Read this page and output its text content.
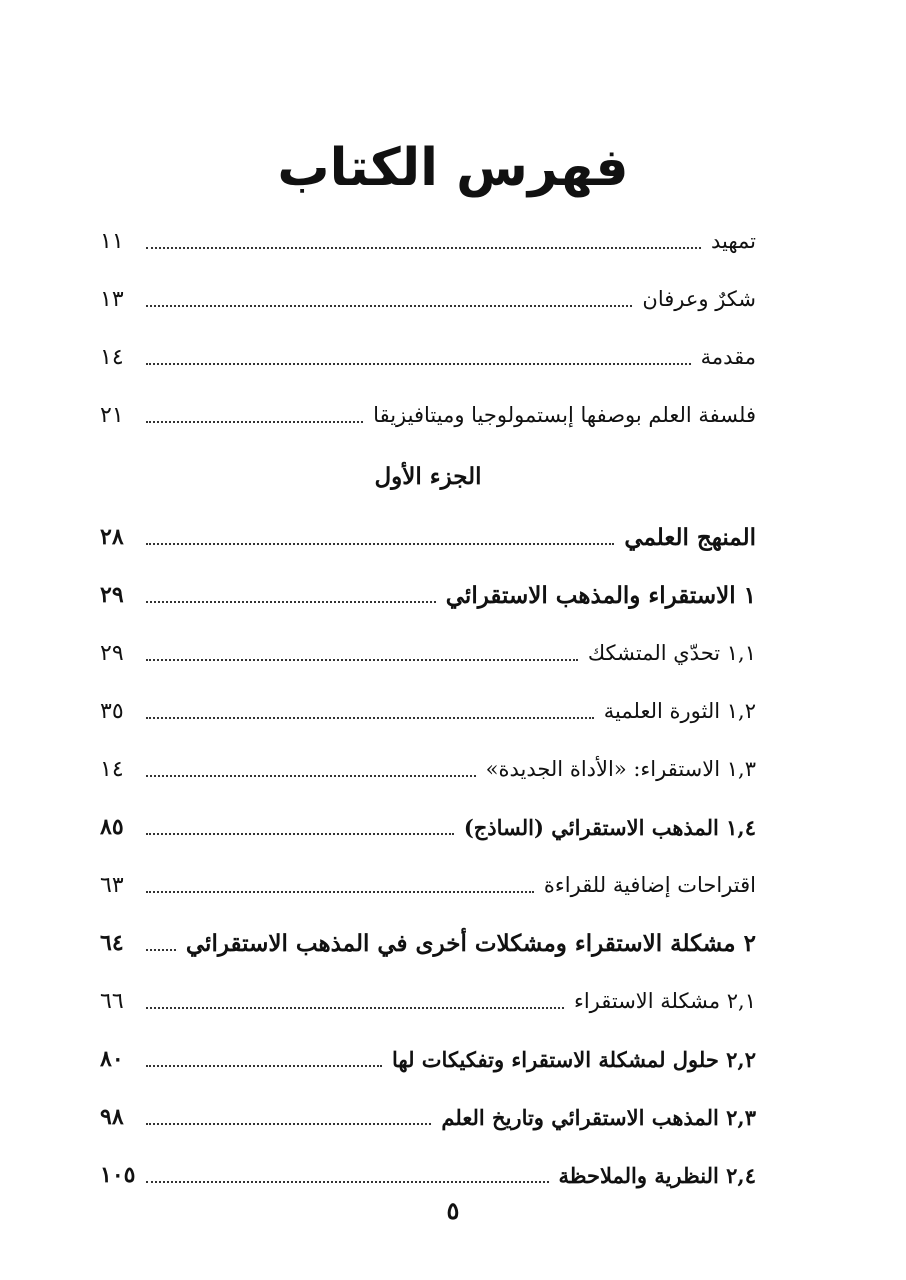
فهرس الكتاب
تمهيد
١١
شكرٌ وعرفان
١٣
مقدمة
١٤
فلسفة العلم بوصفها إبستمولوجيا وميتافيزيقا
٢١
الجزء الأول
المنهج العلمي
٢٨
١ الاستقراء والمذهب الاستقرائي
٢٩
١,١ تحدّي المتشكك
٢٩
١,٢ الثورة العلمية
٣٥
١,٣ الاستقراء: «الأداة الجديدة»
١٤
١,٤ المذهب الاستقرائي (الساذج)
٨٥
اقتراحات إضافية للقراءة
٦٣
٢ مشكلة الاستقراء ومشكلات أخرى في المذهب الاستقرائي
٦٤
٢,١ مشكلة الاستقراء
٦٦
٢,٢ حلول لمشكلة الاستقراء وتفكيكات لها
٨٠
٢,٣ المذهب الاستقرائي وتاريخ العلم
٩٨
٢,٤ النظرية والملاحظة
١٠٥
٥
